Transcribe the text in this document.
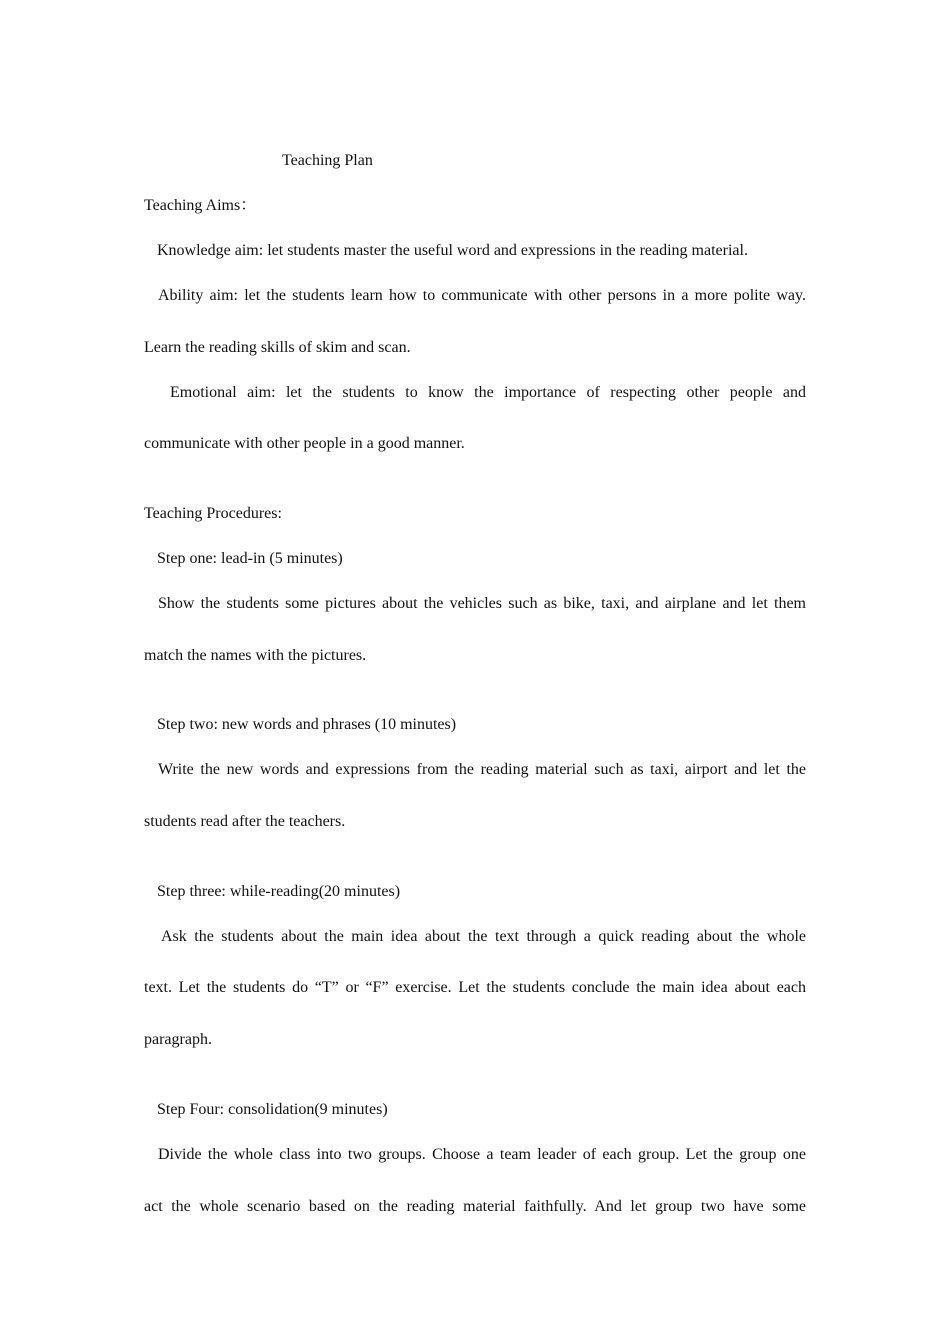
Teaching Plan
Teaching Aims：
Knowledge aim: let students master the useful word and expressions in the reading material.
Ability aim: let the students learn how to communicate with other persons in a more polite way.
Learn the reading skills of skim and scan.
Emotional aim: let the students to know the importance of respecting other people and
communicate with other people in a good manner.
Teaching Procedures:
Step one: lead-in (5 minutes)
Show the students some pictures about the vehicles such as bike, taxi, and airplane and let them
match the names with the pictures.
Step two: new words and phrases (10 minutes)
Write the new words and expressions from the reading material such as taxi, airport and let the
students read after the teachers.
Step three: while-reading(20 minutes)
Ask the students about the main idea about the text through a quick reading about the whole
text. Let the students do “T” or “F” exercise. Let the students conclude the main idea about each
paragraph.
Step Four: consolidation(9 minutes)
Divide the whole class into two groups. Choose a team leader of each group. Let the group one
act the whole scenario based on the reading material faithfully. And let group two have some
